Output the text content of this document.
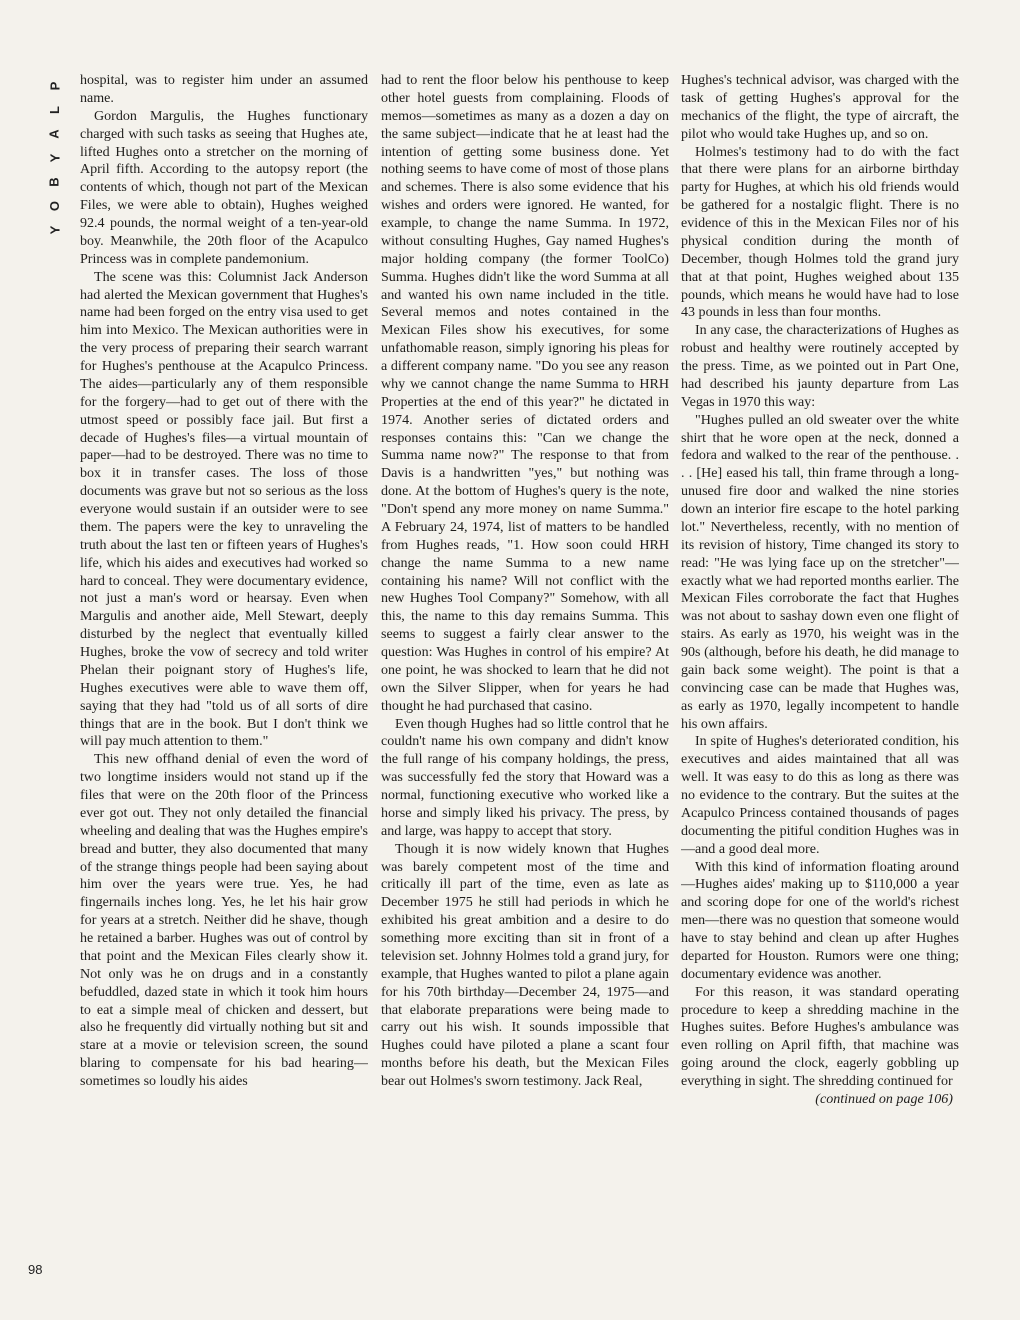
P
L
A
Y
B
O
Y
98

hospital, was to register him under an assumed name.

Gordon Margulis, the Hughes functionary charged with such tasks as seeing that Hughes ate, lifted Hughes onto a stretcher on the morning of April fifth. According to the autopsy report (the contents of which, though not part of the Mexican Files, we were able to obtain), Hughes weighed 92.4 pounds, the normal weight of a ten-year-old boy. Meanwhile, the 20th floor of the Acapulco Princess was in complete pandemonium.

The scene was this: Columnist Jack Anderson had alerted the Mexican government that Hughes's name had been forged on the entry visa used to get him into Mexico. The Mexican authorities were in the very process of preparing their search warrant for Hughes's penthouse at the Acapulco Princess. The aides—particularly any of them responsible for the forgery—had to get out of there with the utmost speed or possibly face jail. But first a decade of Hughes's files—a virtual mountain of paper—had to be destroyed. There was no time to box it in transfer cases. The loss of those documents was grave but not so serious as the loss everyone would sustain if an outsider were to see them. The papers were the key to unraveling the truth about the last ten or fifteen years of Hughes's life, which his aides and executives had worked so hard to conceal. They were documentary evidence, not just a man's word or hearsay. Even when Margulis and another aide, Mell Stewart, deeply disturbed by the neglect that eventually killed Hughes, broke the vow of secrecy and told writer Phelan their poignant story of Hughes's life, Hughes executives were able to wave them off, saying that they had "told us of all sorts of dire things that are in the book. But I don't think we will pay much attention to them."

This new offhand denial of even the word of two longtime insiders would not stand up if the files that were on the 20th floor of the Princess ever got out. They not only detailed the financial wheeling and dealing that was the Hughes empire's bread and butter, they also documented that many of the strange things people had been saying about him over the years were true. Yes, he had fingernails inches long. Yes, he let his hair grow for years at a stretch. Neither did he shave, though he retained a barber. Hughes was out of control by that point and the Mexican Files clearly show it. Not only was he on drugs and in a constantly befuddled, dazed state in which it took him hours to eat a simple meal of chicken and dessert, but also he frequently did virtually nothing but sit and stare at a movie or television screen, the sound blaring to compensate for his bad hearing—sometimes so loudly his aides

had to rent the floor below his penthouse to keep other hotel guests from complaining. Floods of memos—sometimes as many as a dozen a day on the same subject—indicate that he at least had the intention of getting some business done. Yet nothing seems to have come of most of those plans and schemes. There is also some evidence that his wishes and orders were ignored. He wanted, for example, to change the name Summa. In 1972, without consulting Hughes, Gay named Hughes's major holding company (the former ToolCo) Summa. Hughes didn't like the word Summa at all and wanted his own name included in the title. Several memos and notes contained in the Mexican Files show his executives, for some unfathomable reason, simply ignoring his pleas for a different company name. "Do you see any reason why we cannot change the name Summa to HRH Properties at the end of this year?" he dictated in 1974. Another series of dictated orders and responses contains this: "Can we change the Summa name now?" The response to that from Davis is a handwritten "yes," but nothing was done. At the bottom of Hughes's query is the note, "Don't spend any more money on name Summa." A February 24, 1974, list of matters to be handled from Hughes reads, "1. How soon could HRH change the name Summa to a new name containing his name? Will not conflict with the new Hughes Tool Company?" Somehow, with all this, the name to this day remains Summa. This seems to suggest a fairly clear answer to the question: Was Hughes in control of his empire? At one point, he was shocked to learn that he did not own the Silver Slipper, when for years he had thought he had purchased that casino.

Even though Hughes had so little control that he couldn't name his own company and didn't know the full range of his company holdings, the press, was successfully fed the story that Howard was a normal, functioning executive who worked like a horse and simply liked his privacy. The press, by and large, was happy to accept that story.

Though it is now widely known that Hughes was barely competent most of the time and critically ill part of the time, even as late as December 1975 he still had periods in which he exhibited his great ambition and a desire to do something more exciting than sit in front of a television set. Johnny Holmes told a grand jury, for example, that Hughes wanted to pilot a plane again for his 70th birthday—December 24, 1975—and that elaborate preparations were being made to carry out his wish. It sounds impossible that Hughes could have piloted a plane a scant four months before his death, but the Mexican Files bear out Holmes's sworn testimony. Jack Real,

Hughes's technical advisor, was charged with the task of getting Hughes's approval for the mechanics of the flight, the type of aircraft, the pilot who would take Hughes up, and so on.

Holmes's testimony had to do with the fact that there were plans for an airborne birthday party for Hughes, at which his old friends would be gathered for a nostalgic flight. There is no evidence of this in the Mexican Files nor of his physical condition during the month of December, though Holmes told the grand jury that at that point, Hughes weighed about 135 pounds, which means he would have had to lose 43 pounds in less than four months.

In any case, the characterizations of Hughes as robust and healthy were routinely accepted by the press. Time, as we pointed out in Part One, had described his jaunty departure from Las Vegas in 1970 this way:

"Hughes pulled an old sweater over the white shirt that he wore open at the neck, donned a fedora and walked to the rear of the penthouse. . . . [He] eased his tall, thin frame through a long-unused fire door and walked the nine stories down an interior fire escape to the hotel parking lot." Nevertheless, recently, with no mention of its revision of history, Time changed its story to read: "He was lying face up on the stretcher"—exactly what we had reported months earlier. The Mexican Files corroborate the fact that Hughes was not about to sashay down even one flight of stairs. As early as 1970, his weight was in the 90s (although, before his death, he did manage to gain back some weight). The point is that a convincing case can be made that Hughes was, as early as 1970, legally incompetent to handle his own affairs.

In spite of Hughes's deteriorated condition, his executives and aides maintained that all was well. It was easy to do this as long as there was no evidence to the contrary. But the suites at the Acapulco Princess contained thousands of pages documenting the pitiful condition Hughes was in—and a good deal more.

With this kind of information floating around—Hughes aides' making up to $110,000 a year and scoring dope for one of the world's richest men—there was no question that someone would have to stay behind and clean up after Hughes departed for Houston. Rumors were one thing; documentary evidence was another.

For this reason, it was standard operating procedure to keep a shredding machine in the Hughes suites. Before Hughes's ambulance was even rolling on April fifth, that machine was going around the clock, eagerly gobbling up everything in sight. The shredding continued for

(continued on page 106)
